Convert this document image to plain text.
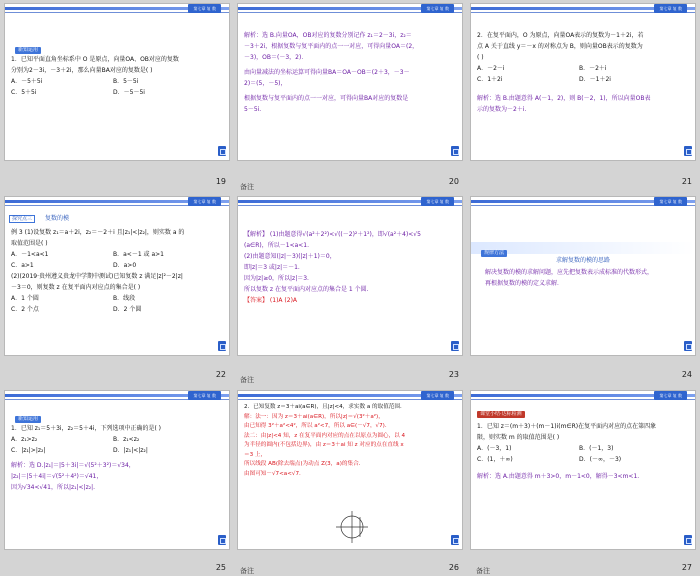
第七章 复 数
新知运用
1．已知平面直角坐标系中 O 是原点，向量OA、OB对应的复数
分别为2－3i，－3＋2i，那么向量BA对应的复数是( )
A．－5＋5i	B．5－5i
C．5＋5i	D．－5－5i
19
第七章 复 数
解析：选 B.向量OA，OB对应的复数分别记作 z₁＝2－3i，z₂＝
－3＋2i，根据复数与复平面内的点一一对应，可得向量OA＝(2，
－3)，OB＝(－3，2)．
由向量减法的坐标运算可得向量BA＝OA－OB＝(2＋3，－3－
2)＝(5，－5)，
根据复数与复平面内的点一一对应，可得向量BA对应的复数是
5－5i.
20
备注
第七章 复 数
2．在复平面内，O 为原点，向量OA表示的复数为－1＋2i，若
点 A 关于直线 y＝－x 的对称点为 B，则向量OB表示的复数为
( )
A．－2－i	B．－2＋i
C．1＋2i	D．－1＋2i
解析：选 B.由题意得 A(－1，2)，则 B(－2，1)，所以向量OB表
示的复数为－2＋i.
21
第七章 复 数
探究点三 复数的模
例 3 (1)设复数 z₁＝a＋2i，z₂＝－2＋i 且|z₁|<|z₂|，则实数 a 的
取值范围是( )
A．－1<a<1	B．a<－1 或 a>1
C．a>1	D．a>0
(2)(2019·贵州遵义贵龙中学期中测试)已知复数 z 满足|z|²－2|z|
－3＝0，则复数 z 在复平面内对应点的集合是( )
A．1 个圆	B．线段
C．2 个点	D．2 个圆
22
第七章 复 数
【解析】 (1)由题意得√(a²＋2²)<√((－2)²＋1²)，即√(a²＋4)<√5
(a∈R)，所以－1<a<1.
(2)由题意知(|z|－3)(|z|＋1)＝0，
即|z|＝3 或|z|＝－1.
因为|z|≥0，所以|z|＝3.
所以复数 z 在复平面内对应点的集合是 1 个圆.
【答案】 (1)A (2)A
23
备注
第七章 复 数
规律方法
求解复数的模的思路
解决复数的模的求解问题，应先把复数表示成标准的代数形式，
再根据复数的模的定义求解．
24
第七章 复 数
新知运用
1．已知 z₁＝5＋3i，z₂＝5＋4i，下列选项中正确的是( )
A．z₁>z₂	B．z₁<z₂
C．|z₁|>|z₂|	D．|z₁|<|z₂|
解析：选 D.|z₁|＝|5＋3i|＝√(5²＋3²)＝√34，
|z₂|＝|5＋4i|＝√(5²＋4²)＝√41，
因为√34<√41，所以|z₁|<|z₂|.
25
第七章 复 数
2．已知复数 z＝3＋ai(a∈R)，且|z|<4，求实数 a 的取值范围．
解：法一：因为 z＝3＋ai(a∈R)，所以|z|＝√(3²＋a²)，
由已知得 3²＋a²<4²，所以 a²<7，所以 a∈(－√7，√7)．
法二：由|z|<4 知，z 在复平面内对应的点在以原点为圆心，以 4
为半径的圆内(不包括边界)，由 z＝3＋ai 知 z 对应的点在直线 x
＝3 上，
所以线段 AB(除去端点)为动点 Z(3，a)的集合．
由图可知－√7<a<√7.
26
备注
第七章 复 数
课堂小结·达标检测
1．已知 z＝(m＋3)＋(m－1)i(m∈R)在复平面内对应的点在第四象
限，则实数 m 的取值范围是( )
A．(－3，1)	B．(－1，3)
C．(1，＋∞)	D．(－∞，－3)
解析：选 A.由题意得 m＋3>0，m－1<0，解得－3<m<1.
27
备注
